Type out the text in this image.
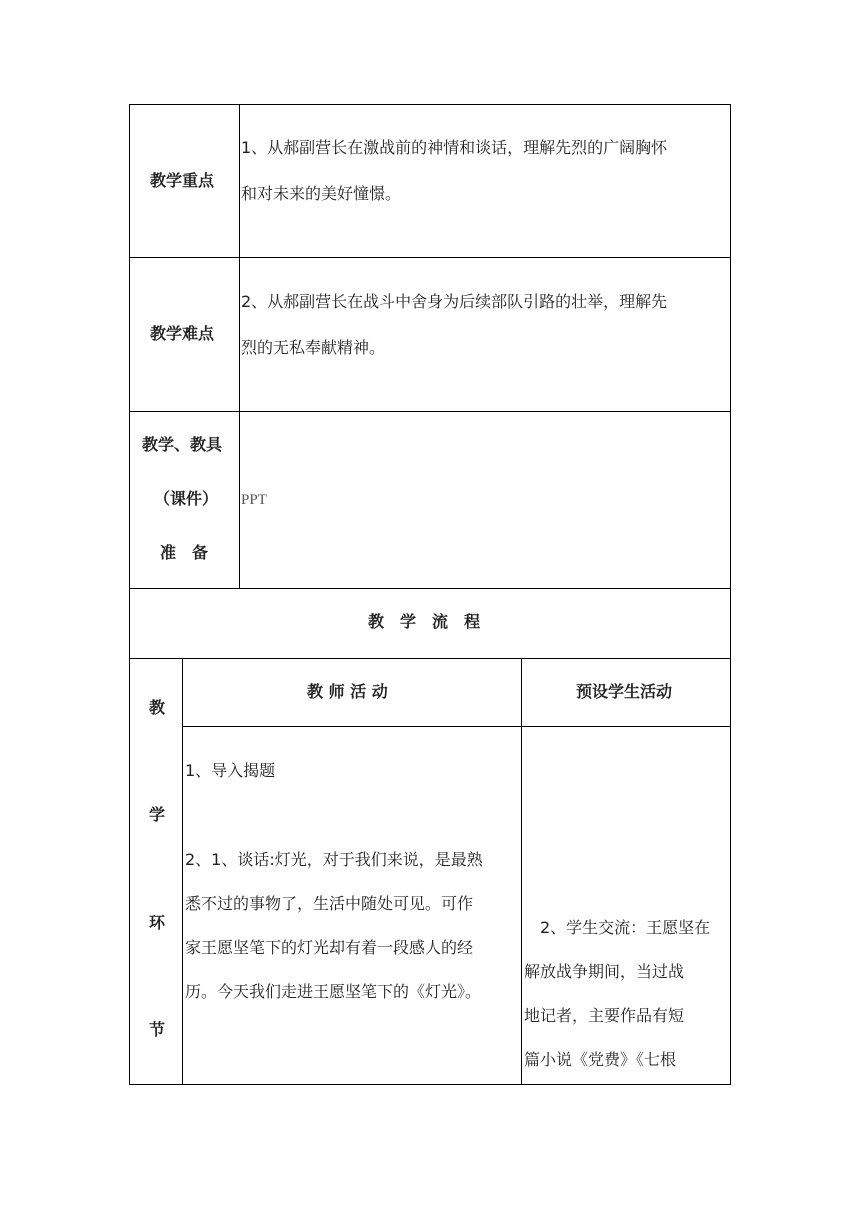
教学重点
1、从郝副营长在激战前的神情和谈话，理解先烈的广阔胸怀
和对未来的美好憧憬。
教学难点
2、从郝副营长在战斗中舍身为后续部队引路的壮举，理解先
烈的无私奉献精神。
教学、教具
（课件）
准　备
PPT
教　学　流　程
教 师 活 动	预设学生活动
教
学
环
节
1、导入揭题
2、1、谈话:灯光，对于我们来说，是最熟
悉不过的事物了，生活中随处可见。可作
家王愿坚笔下的灯光却有着一段感人的经
历。今天我们走进王愿坚笔下的《灯光》。
2、学生交流：王愿坚在
解放战争期间，当过战
地记者，主要作品有短
篇小说《党费》《七根
